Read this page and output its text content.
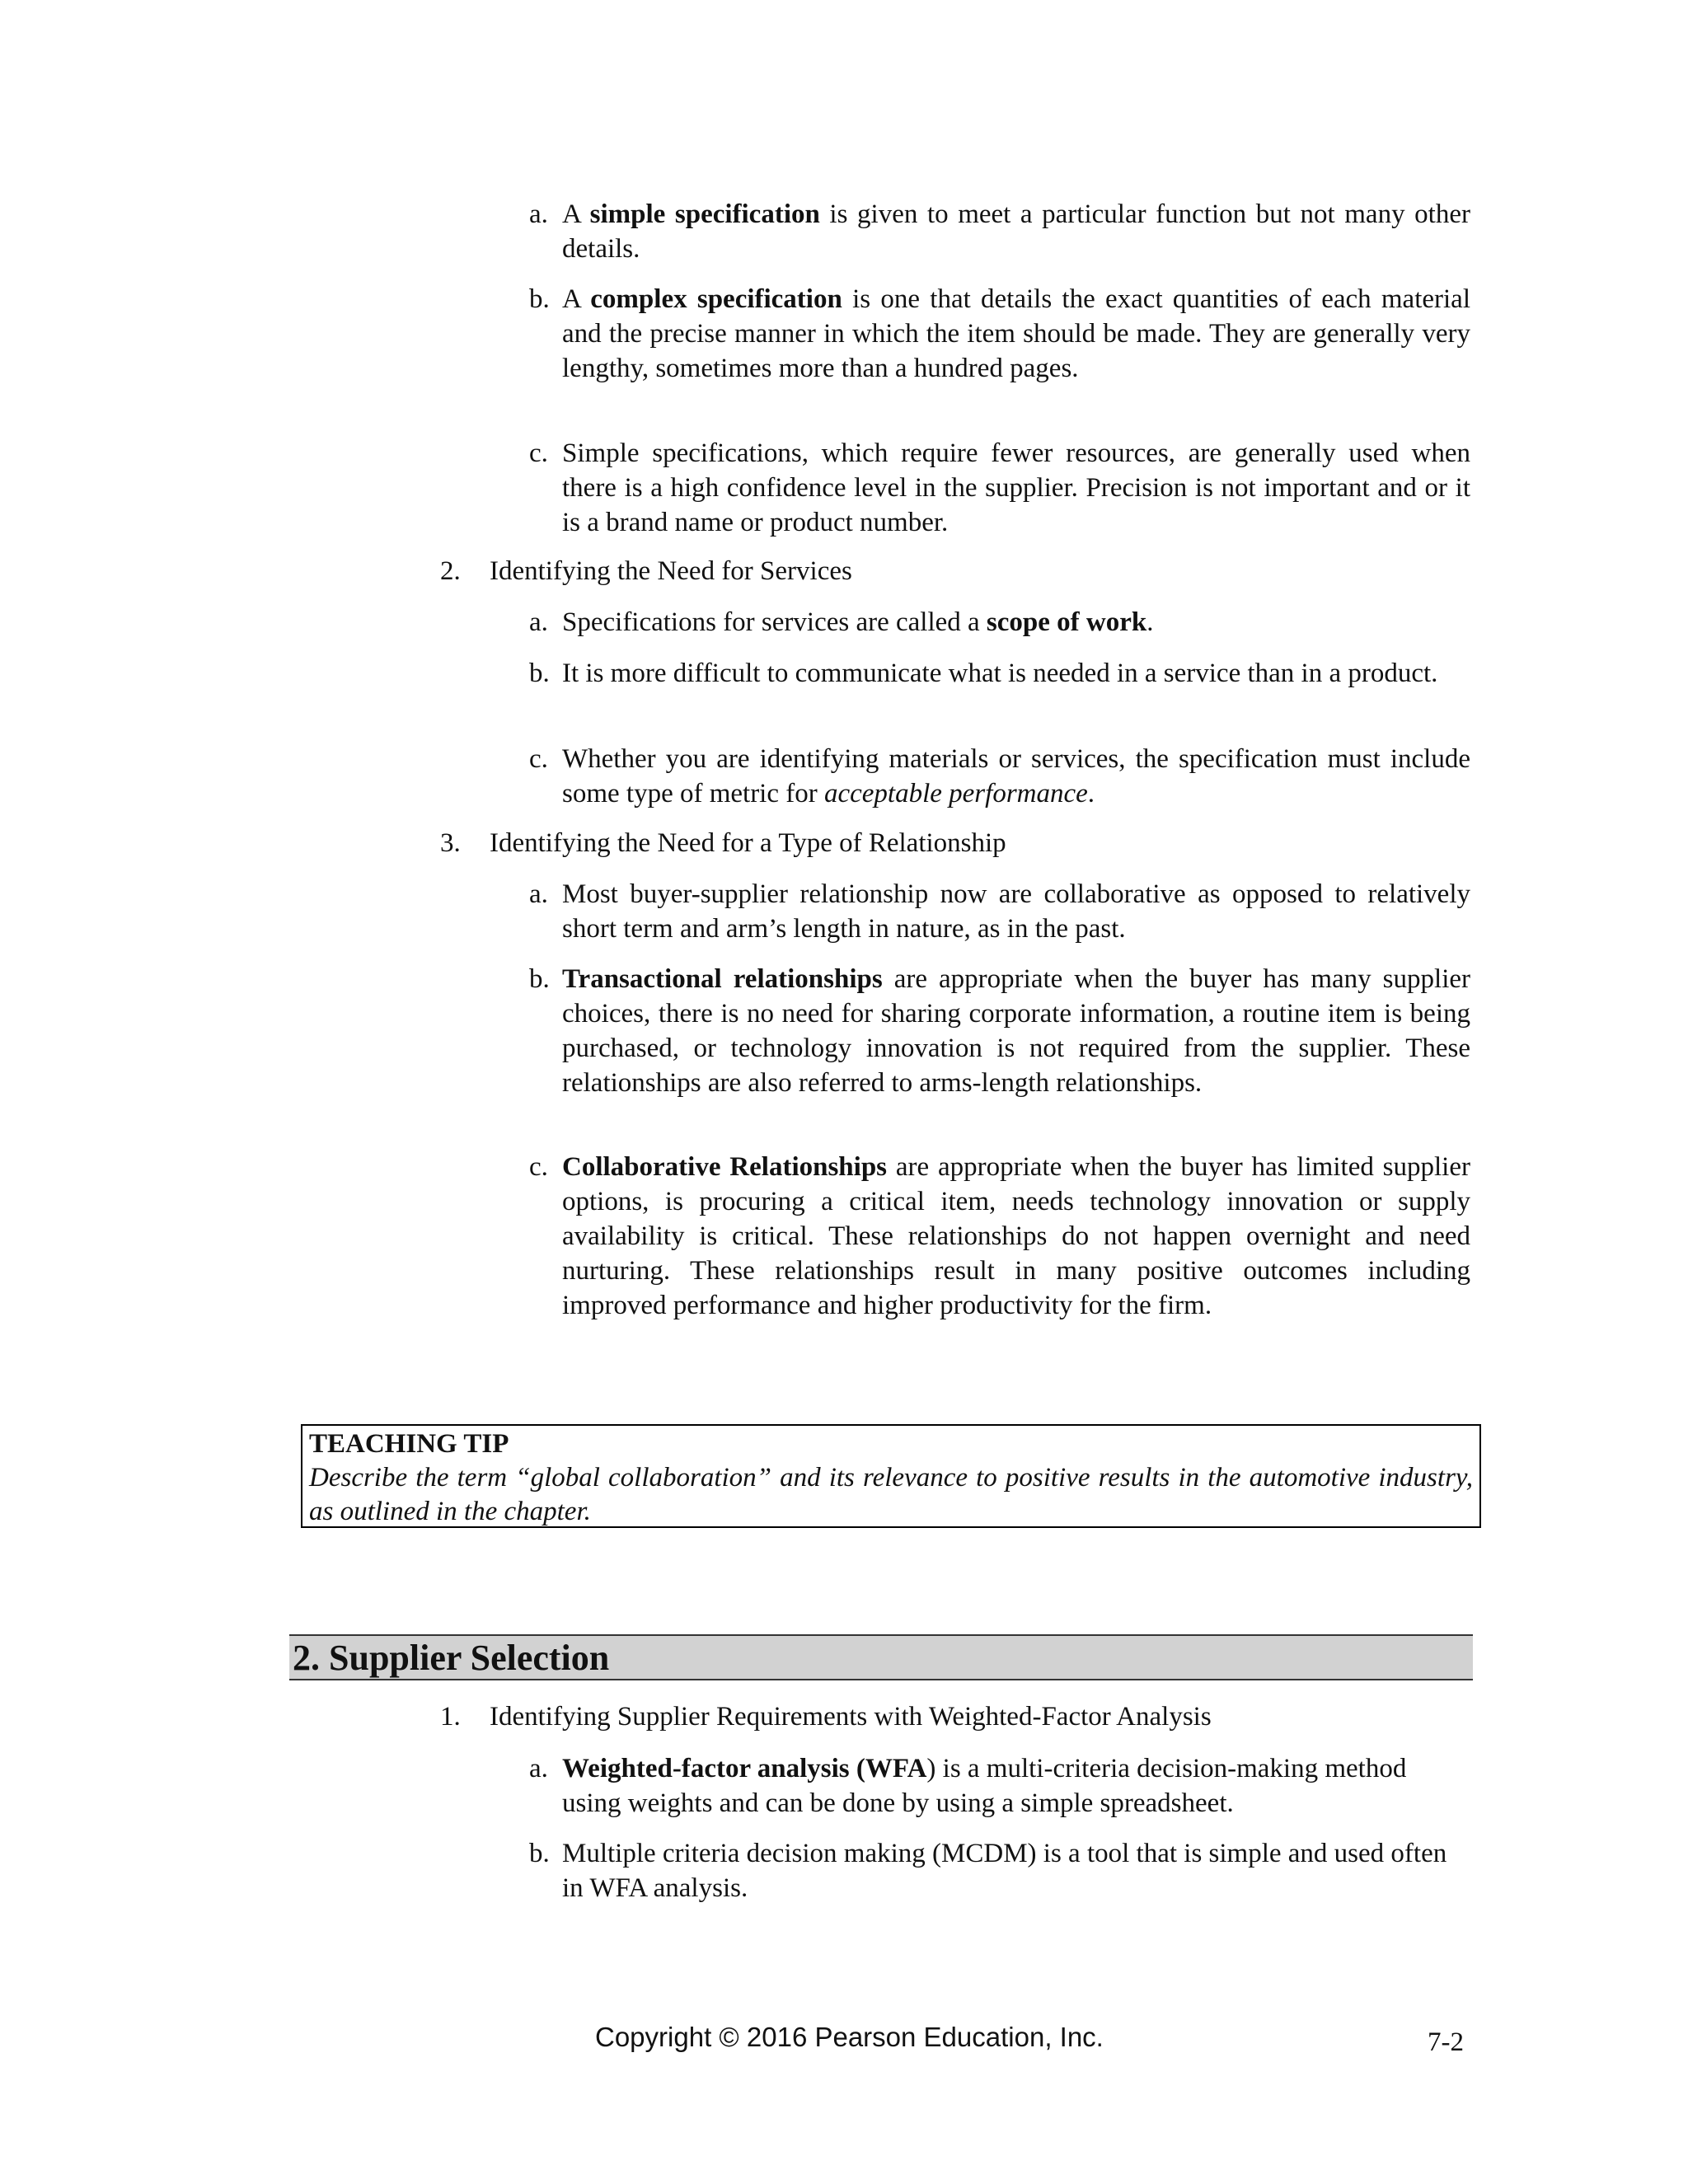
a. A simple specification is given to meet a particular function but not many other details.
b. A complex specification is one that details the exact quantities of each material and the precise manner in which the item should be made. They are generally very lengthy, sometimes more than a hundred pages.
c. Simple specifications, which require fewer resources, are generally used when there is a high confidence level in the supplier. Precision is not important and or it is a brand name or product number.
2. Identifying the Need for Services
a. Specifications for services are called a scope of work.
b. It is more difficult to communicate what is needed in a service than in a product.
c. Whether you are identifying materials or services, the specification must include some type of metric for acceptable performance.
3. Identifying the Need for a Type of Relationship
a. Most buyer-supplier relationship now are collaborative as opposed to relatively short term and arm’s length in nature, as in the past.
b. Transactional relationships are appropriate when the buyer has many supplier choices, there is no need for sharing corporate information, a routine item is being purchased, or technology innovation is not required from the supplier. These relationships are also referred to arms-length relationships.
c. Collaborative Relationships are appropriate when the buyer has limited supplier options, is procuring a critical item, needs technology innovation or supply availability is critical. These relationships do not happen overnight and need nurturing. These relationships result in many positive outcomes including improved performance and higher productivity for the firm.
TEACHING TIP
Describe the term “global collaboration” and its relevance to positive results in the automotive industry, as outlined in the chapter.
2. Supplier Selection
1. Identifying Supplier Requirements with Weighted-Factor Analysis
a. Weighted-factor analysis (WFA) is a multi-criteria decision-making method using weights and can be done by using a simple spreadsheet.
b. Multiple criteria decision making (MCDM) is a tool that is simple and used often in WFA analysis.
Copyright © 2016 Pearson Education, Inc.	7-2
